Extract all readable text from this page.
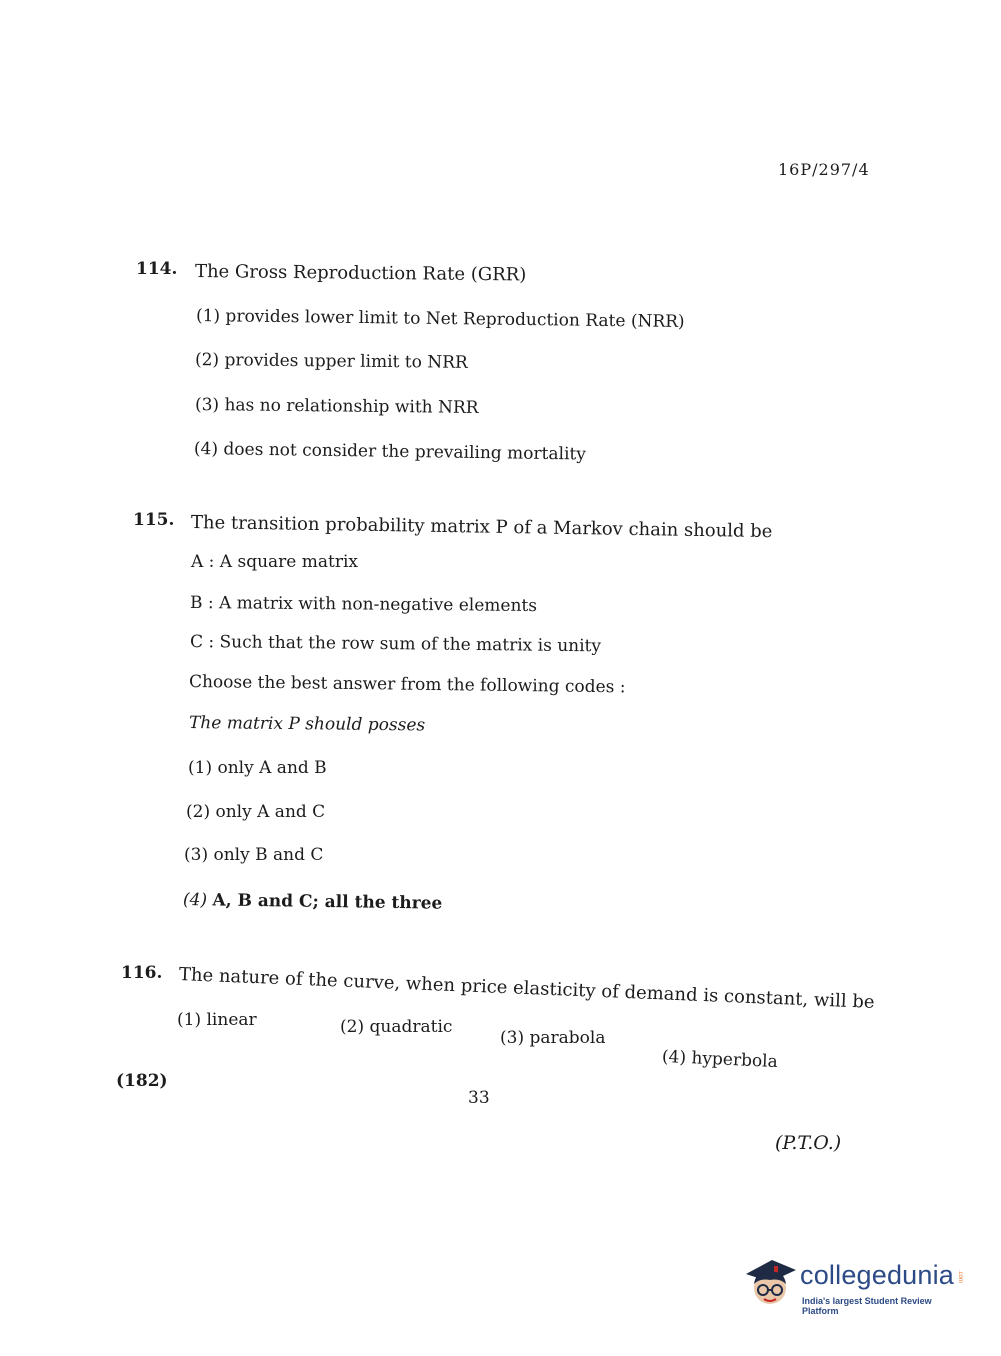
16P/297/4
114. The Gross Reproduction Rate (GRR)
(1) provides lower limit to Net Reproduction Rate (NRR)
(2) provides upper limit to NRR
(3) has no relationship with NRR
(4) does not consider the prevailing mortality
115. The transition probability matrix P of a Markov chain should be
A : A square matrix
B : A matrix with non-negative elements
C : Such that the row sum of the matrix is unity
Choose the best answer from the following codes :
The matrix P should posses
(1) only A and B
(2) only A and C
(3) only B and C
(4) A, B and C; all the three
116. The nature of the curve, when price elasticity of demand is constant, will be
(1) linear	(2) quadratic
(3) parabola
(4) hyperbola
(182)
33
(P.T.O.)
collegedunia .com
India's largest Student Review Platform
